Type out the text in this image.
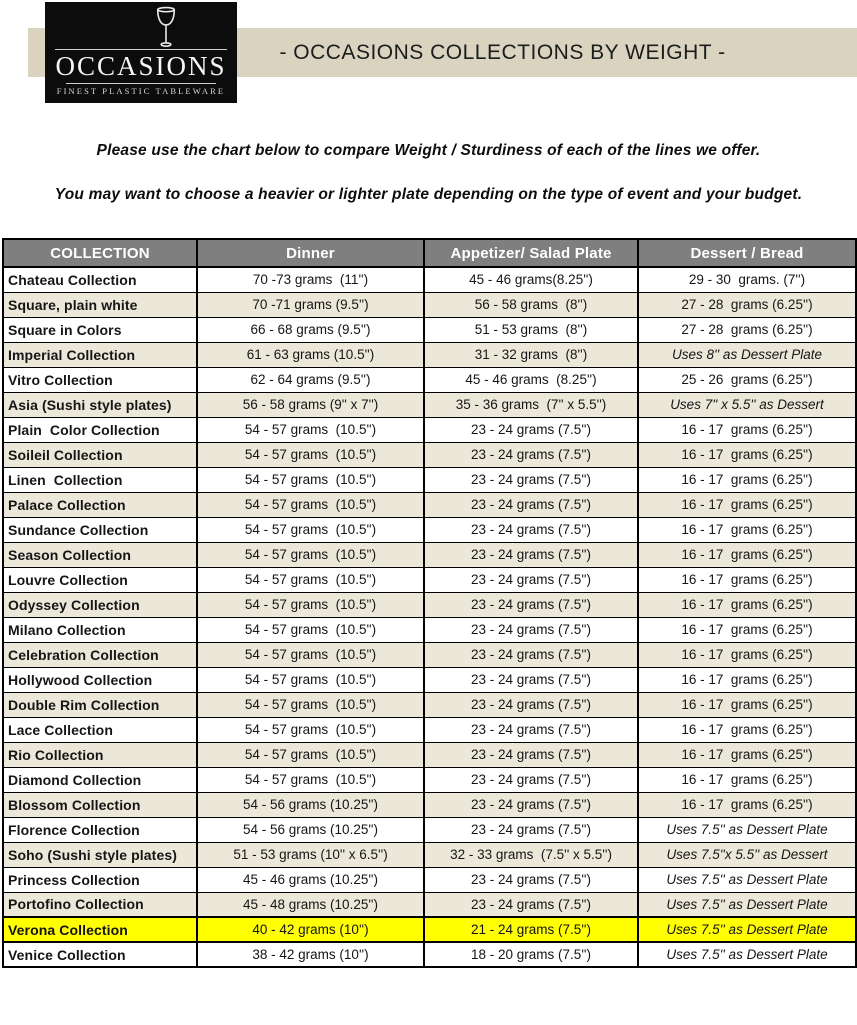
- OCCASIONS COLLECTIONS BY WEIGHT -
OCCASIONS
FINEST PLASTIC TABLEWARE

Please use the chart below to compare Weight / Sturdiness of each of the lines we offer.

You may want to choose a heavier or lighter plate depending on the type of event and your budget.

COLLECTION	Dinner	Appetizer/ Salad Plate	Dessert / Bread
Chateau Collection	70 -73 grams  (11'')	45 - 46 grams(8.25'')	29 - 30  grams. (7'')
Square, plain white	70 -71 grams (9.5'')	56 - 58 grams  (8'')	27 - 28  grams (6.25'')
Square in Colors	66 - 68 grams (9.5'')	51 - 53 grams  (8'')	27 - 28  grams (6.25'')
Imperial Collection	61 - 63 grams (10.5'')	31 - 32 grams  (8'')	Uses 8'' as Dessert Plate
Vitro Collection	62 - 64 grams (9.5'')	45 - 46 grams  (8.25'')	25 - 26  grams (6.25'')
Asia (Sushi style plates)	56 - 58 grams (9'' x 7'')	35 - 36 grams  (7'' x 5.5'')	Uses 7'' x 5.5'' as Dessert
Plain  Color Collection	54 - 57 grams  (10.5'')	23 - 24 grams (7.5'')	16 - 17  grams (6.25'')
Soileil Collection	54 - 57 grams  (10.5'')	23 - 24 grams (7.5'')	16 - 17  grams (6.25'')
Linen  Collection	54 - 57 grams  (10.5'')	23 - 24 grams (7.5'')	16 - 17  grams (6.25'')
Palace Collection	54 - 57 grams  (10.5'')	23 - 24 grams (7.5'')	16 - 17  grams (6.25'')
Sundance Collection	54 - 57 grams  (10.5'')	23 - 24 grams (7.5'')	16 - 17  grams (6.25'')
Season Collection	54 - 57 grams  (10.5'')	23 - 24 grams (7.5'')	16 - 17  grams (6.25'')
Louvre Collection	54 - 57 grams  (10.5'')	23 - 24 grams (7.5'')	16 - 17  grams (6.25'')
Odyssey Collection	54 - 57 grams  (10.5'')	23 - 24 grams (7.5'')	16 - 17  grams (6.25'')
Milano Collection	54 - 57 grams  (10.5'')	23 - 24 grams (7.5'')	16 - 17  grams (6.25'')
Celebration Collection	54 - 57 grams  (10.5'')	23 - 24 grams (7.5'')	16 - 17  grams (6.25'')
Hollywood Collection	54 - 57 grams  (10.5'')	23 - 24 grams (7.5'')	16 - 17  grams (6.25'')
Double Rim Collection	54 - 57 grams  (10.5'')	23 - 24 grams (7.5'')	16 - 17  grams (6.25'')
Lace Collection	54 - 57 grams  (10.5'')	23 - 24 grams (7.5'')	16 - 17  grams (6.25'')
Rio Collection	54 - 57 grams  (10.5'')	23 - 24 grams (7.5'')	16 - 17  grams (6.25'')
Diamond Collection	54 - 57 grams  (10.5'')	23 - 24 grams (7.5'')	16 - 17  grams (6.25'')
Blossom Collection	54 - 56 grams (10.25'')	23 - 24 grams (7.5'')	16 - 17  grams (6.25'')
Florence Collection	54 - 56 grams (10.25'')	23 - 24 grams (7.5'')	Uses 7.5'' as Dessert Plate
Soho (Sushi style plates)	51 - 53 grams (10'' x 6.5'')	32 - 33 grams  (7.5'' x 5.5'')	Uses 7.5''x 5.5'' as Dessert
Princess Collection	45 - 46 grams (10.25'')	23 - 24 grams (7.5'')	Uses 7.5'' as Dessert Plate
Portofino Collection	45 - 48 grams (10.25'')	23 - 24 grams (7.5'')	Uses 7.5'' as Dessert Plate
Verona Collection	40 - 42 grams (10'')	21 - 24 grams (7.5'')	Uses 7.5'' as Dessert Plate
Venice Collection	38 - 42 grams (10'')	18 - 20 grams (7.5'')	Uses 7.5'' as Dessert Plate
